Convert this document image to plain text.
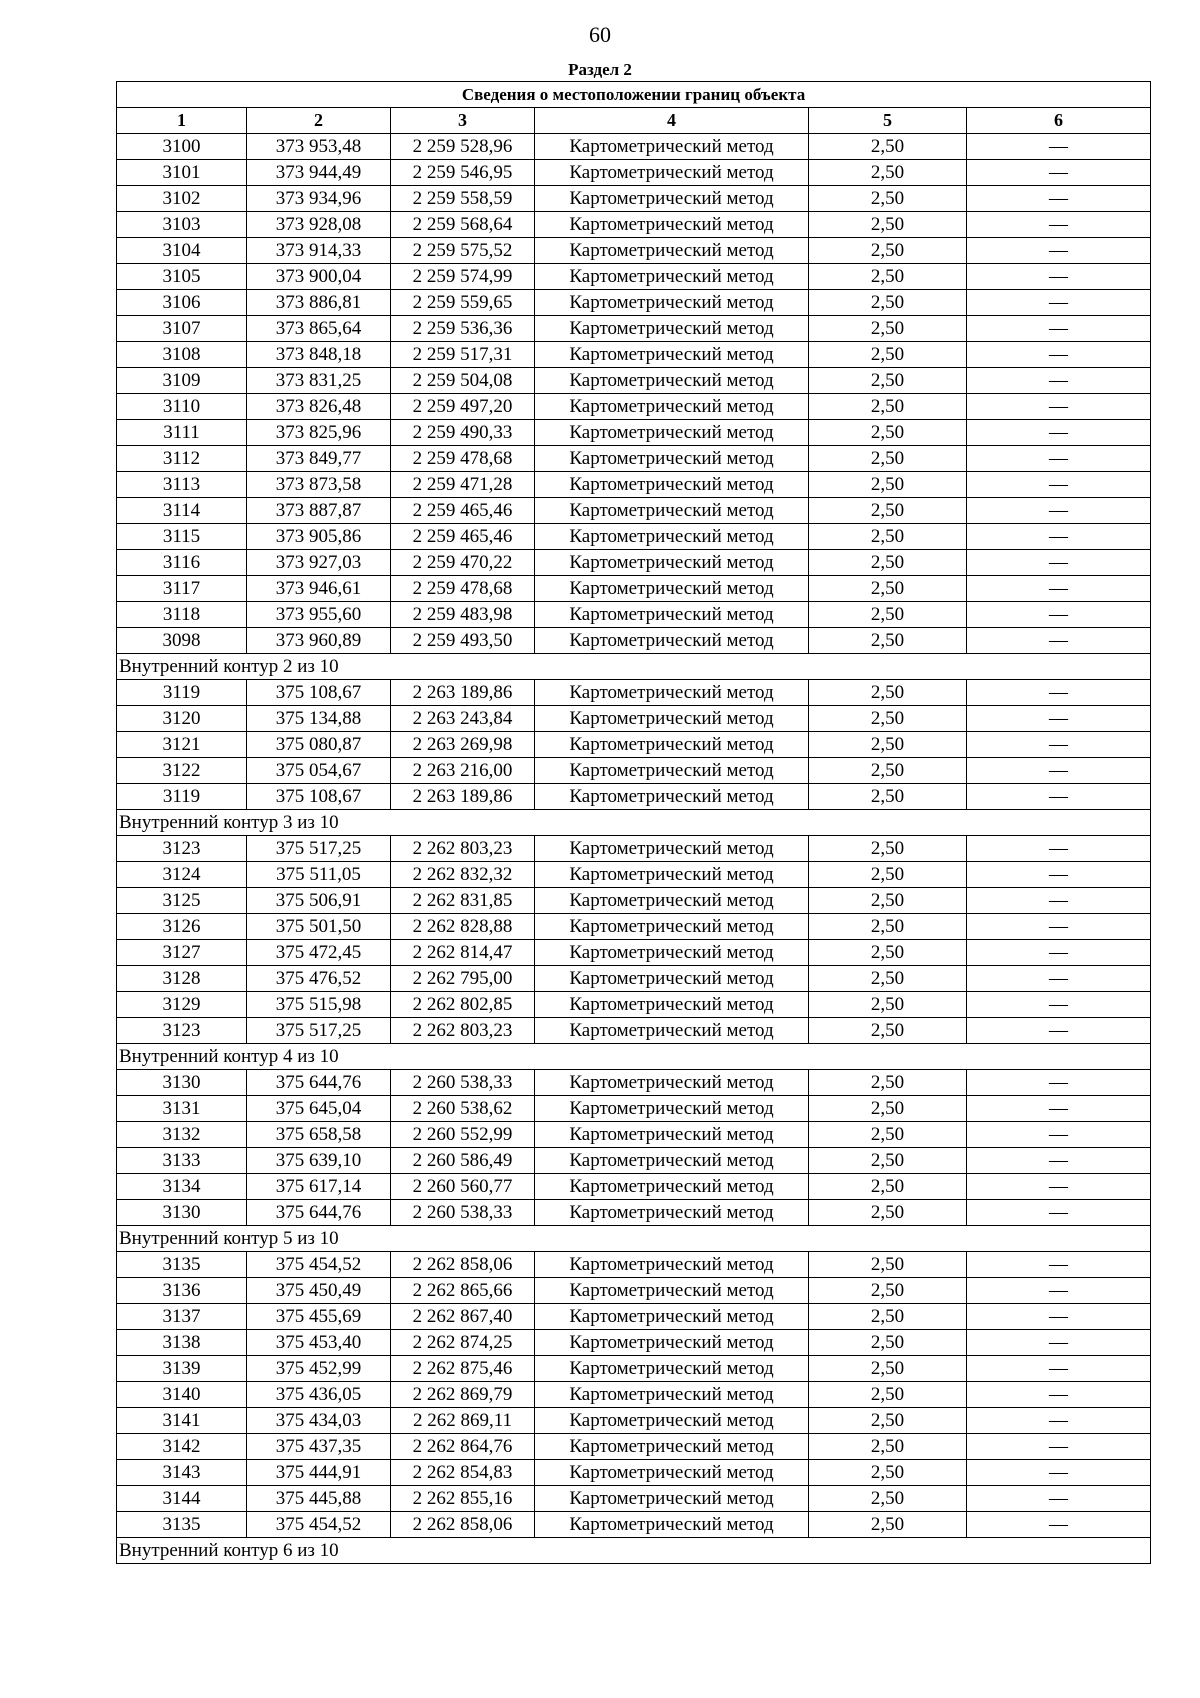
60
Раздел 2
Сведения о местоположении границ объекта					
1	2	3	4	5	6
3100	373 953,48	2 259 528,96	Картометрический метод	2,50	—
3101	373 944,49	2 259 546,95	Картометрический метод	2,50	—
3102	373 934,96	2 259 558,59	Картометрический метод	2,50	—
3103	373 928,08	2 259 568,64	Картометрический метод	2,50	—
3104	373 914,33	2 259 575,52	Картометрический метод	2,50	—
3105	373 900,04	2 259 574,99	Картометрический метод	2,50	—
3106	373 886,81	2 259 559,65	Картометрический метод	2,50	—
3107	373 865,64	2 259 536,36	Картометрический метод	2,50	—
3108	373 848,18	2 259 517,31	Картометрический метод	2,50	—
3109	373 831,25	2 259 504,08	Картометрический метод	2,50	—
3110	373 826,48	2 259 497,20	Картометрический метод	2,50	—
3111	373 825,96	2 259 490,33	Картометрический метод	2,50	—
3112	373 849,77	2 259 478,68	Картометрический метод	2,50	—
3113	373 873,58	2 259 471,28	Картометрический метод	2,50	—
3114	373 887,87	2 259 465,46	Картометрический метод	2,50	—
3115	373 905,86	2 259 465,46	Картометрический метод	2,50	—
3116	373 927,03	2 259 470,22	Картометрический метод	2,50	—
3117	373 946,61	2 259 478,68	Картометрический метод	2,50	—
3118	373 955,60	2 259 483,98	Картометрический метод	2,50	—
3098	373 960,89	2 259 493,50	Картометрический метод	2,50	—
Внутренний контур 2 из 10					
3119	375 108,67	2 263 189,86	Картометрический метод	2,50	—
3120	375 134,88	2 263 243,84	Картометрический метод	2,50	—
3121	375 080,87	2 263 269,98	Картометрический метод	2,50	—
3122	375 054,67	2 263 216,00	Картометрический метод	2,50	—
3119	375 108,67	2 263 189,86	Картометрический метод	2,50	—
Внутренний контур 3 из 10					
3123	375 517,25	2 262 803,23	Картометрический метод	2,50	—
3124	375 511,05	2 262 832,32	Картометрический метод	2,50	—
3125	375 506,91	2 262 831,85	Картометрический метод	2,50	—
3126	375 501,50	2 262 828,88	Картометрический метод	2,50	—
3127	375 472,45	2 262 814,47	Картометрический метод	2,50	—
3128	375 476,52	2 262 795,00	Картометрический метод	2,50	—
3129	375 515,98	2 262 802,85	Картометрический метод	2,50	—
3123	375 517,25	2 262 803,23	Картометрический метод	2,50	—
Внутренний контур 4 из 10					
3130	375 644,76	2 260 538,33	Картометрический метод	2,50	—
3131	375 645,04	2 260 538,62	Картометрический метод	2,50	—
3132	375 658,58	2 260 552,99	Картометрический метод	2,50	—
3133	375 639,10	2 260 586,49	Картометрический метод	2,50	—
3134	375 617,14	2 260 560,77	Картометрический метод	2,50	—
3130	375 644,76	2 260 538,33	Картометрический метод	2,50	—
Внутренний контур 5 из 10					
3135	375 454,52	2 262 858,06	Картометрический метод	2,50	—
3136	375 450,49	2 262 865,66	Картометрический метод	2,50	—
3137	375 455,69	2 262 867,40	Картометрический метод	2,50	—
3138	375 453,40	2 262 874,25	Картометрический метод	2,50	—
3139	375 452,99	2 262 875,46	Картометрический метод	2,50	—
3140	375 436,05	2 262 869,79	Картометрический метод	2,50	—
3141	375 434,03	2 262 869,11	Картометрический метод	2,50	—
3142	375 437,35	2 262 864,76	Картометрический метод	2,50	—
3143	375 444,91	2 262 854,83	Картометрический метод	2,50	—
3144	375 445,88	2 262 855,16	Картометрический метод	2,50	—
3135	375 454,52	2 262 858,06	Картометрический метод	2,50	—
Внутренний контур 6 из 10					
